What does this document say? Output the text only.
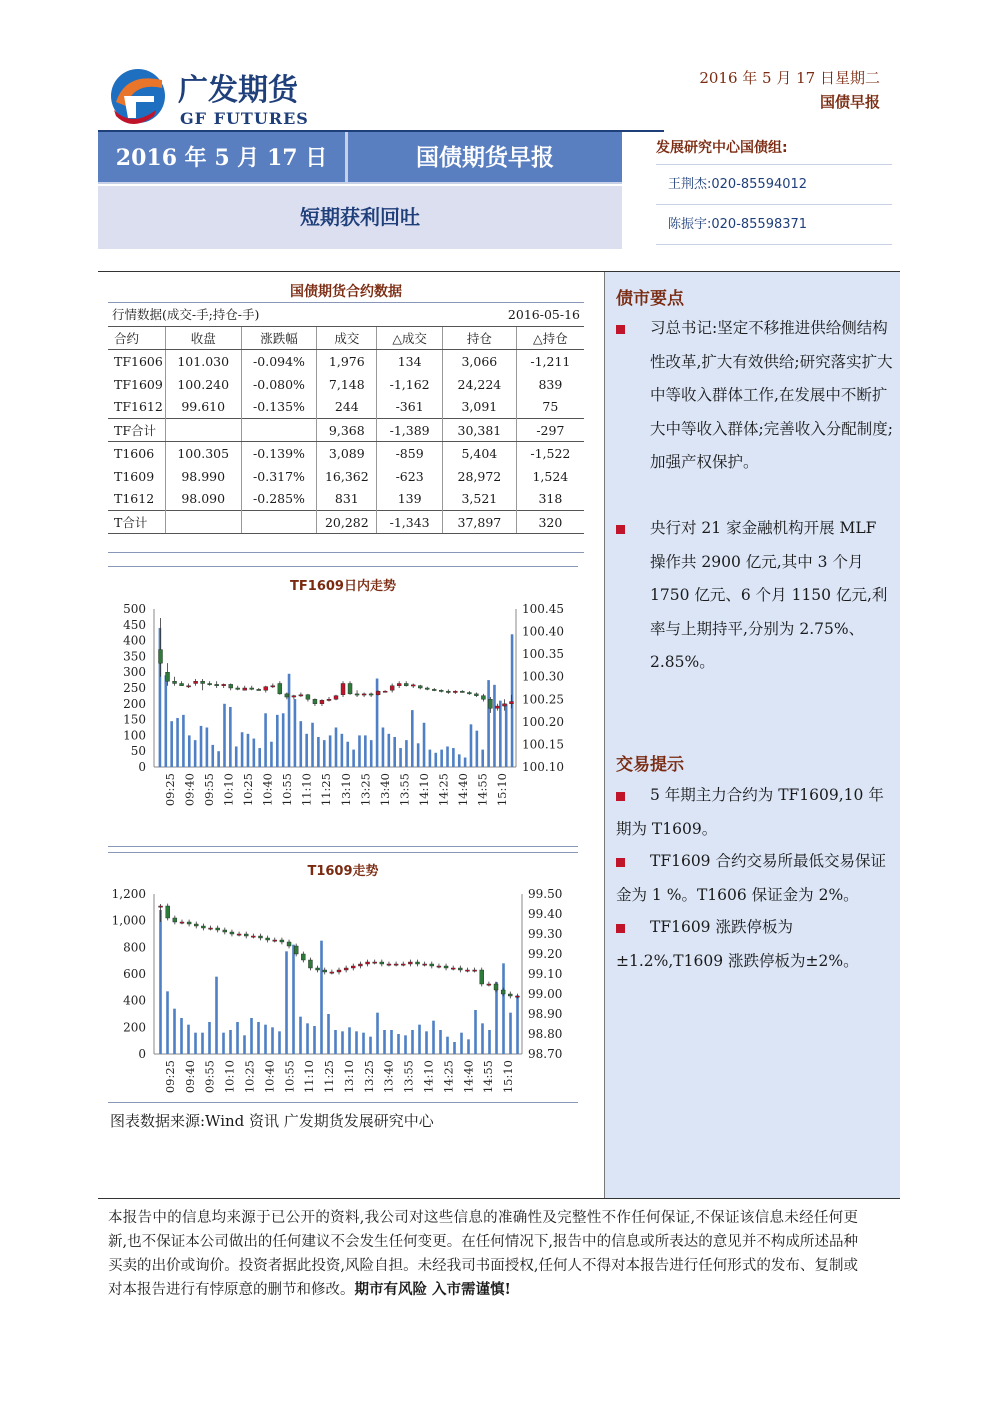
广发期货
GF FUTURES
2016 年 5 月 17 日星期二
国债早报
2016 年 5 月 17 日	国债期货早报
短期获利回吐
发展研究中心国债组:
王荆杰:020-85594012
陈振宇:020-85598371
国债期货合约数据
行情数据(成交-手;持仓-手)	2016-05-16
合约	收盘	涨跌幅	成交	△成交	持仓	△持仓
TF1606	101.030	-0.094%	1,976	134	3,066	-1,211
TF1609	100.240	-0.080%	7,148	-1,162	24,224	839
TF1612	99.610	-0.135%	244	-361	3,091	75
TF合计			9,368	-1,389	30,381	-297
T1606	100.305	-0.139%	3,089	-859	5,404	-1,522
T1609	98.990	-0.317%	16,362	-623	28,972	1,524
T1612	98.090	-0.285%	831	139	3,521	318
T合计			20,282	-1,343	37,897	320
TF1609日内走势
0
50
100
150
200
250
300
350
400
450
500
100.10
100.15
100.20
100.25
100.30
100.35
100.40
100.45
09:25 09:40 09:55 10:10 10:25 10:40 10:55 11:10 11:25 13:10 13:25 13:40 13:55 14:10 14:25 14:40 14:55 15:10
T1609走势
0
200
400
600
800
1,000
1,200
98.70
98.80
98.90
99.00
99.10
99.20
99.30
99.40
99.50
09:25 09:40 09:55 10:10 10:25 10:40 10:55 11:10 11:25 13:10 13:25 13:40 13:55 14:10 14:25 14:40 14:55 15:10
图表数据来源:Wind 资讯 广发期货发展研究中心
债市要点
习总书记:坚定不移推进供给侧结构性改革,扩大有效供给;研究落实扩大中等收入群体工作,在发展中不断扩大中等收入群体;完善收入分配制度;加强产权保护。
央行对 21 家金融机构开展 MLF 操作共 2900 亿元,其中 3 个月 1750 亿元、6 个月 1150 亿元,利率与上期持平,分别为 2.75%、2.85%。
交易提示
5 年期主力合约为 TF1609,10 年期为 T1609。
TF1609 合约交易所最低交易保证金为 1 %。T1606 保证金为 2%。
TF1609 涨跌停板为±1.2%,T1609 涨跌停板为±2%。
本报告中的信息均来源于已公开的资料,我公司对这些信息的准确性及完整性不作任何保证,不保证该信息未经任何更新,也不保证本公司做出的任何建议不会发生任何变更。在任何情况下,报告中的信息或所表达的意见并不构成所述品种买卖的出价或询价。投资者据此投资,风险自担。未经我司书面授权,任何人不得对本报告进行任何形式的发布、复制或对本报告进行有悖原意的删节和修改。期市有风险 入市需谨慎!
